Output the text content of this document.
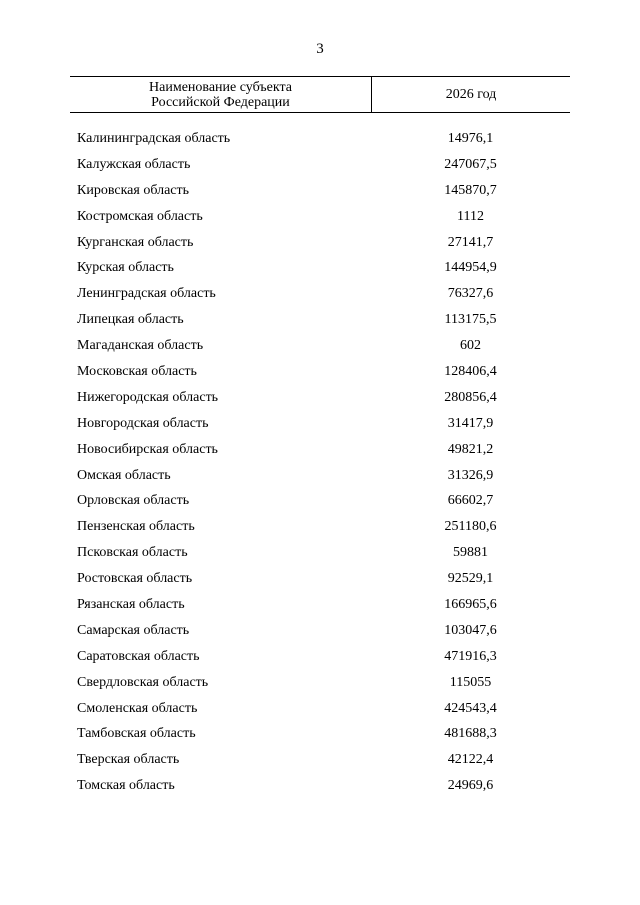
3
Наименование субъекта
Российской Федерации
2026 год
Калининградская область	14976,1
Калужская область	247067,5
Кировская область	145870,7
Костромская область	1112
Курганская область	27141,7
Курская область	144954,9
Ленинградская область	76327,6
Липецкая область	113175,5
Магаданская область	602
Московская область	128406,4
Нижегородская область	280856,4
Новгородская область	31417,9
Новосибирская область	49821,2
Омская область	31326,9
Орловская область	66602,7
Пензенская область	251180,6
Псковская область	59881
Ростовская область	92529,1
Рязанская область	166965,6
Самарская область	103047,6
Саратовская область	471916,3
Свердловская область	115055
Смоленская область	424543,4
Тамбовская область	481688,3
Тверская область	42122,4
Томская область	24969,6
